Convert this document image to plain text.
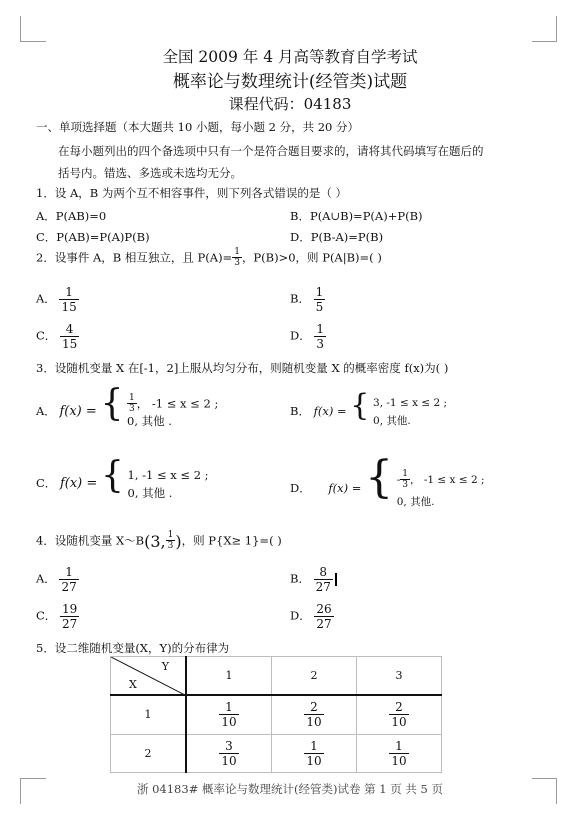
全国 2009 年 4 月高等教育自学考试
概率论与数理统计(经管类)试题
课程代码：04183
一、单项选择题（本大题共 10 小题，每小题 2 分，共 20 分）
在每小题列出的四个备选项中只有一个是符合题目要求的，请将其代码填写在题后的
括号内。错选、多选或未选均无分。
1．设 A，B 为两个互不相容事件，则下列各式错误的是（ ）
A．P(AB)=0	B．P(A∪B)=P(A)+P(B)
C．P(AB)=P(A)P(B)	D．P(B-A)=P(B)
2．设事件 A，B 相互独立，且 $P(A)= \frac{1}{3}$ ，P(B)>0，则 P(A|B)=( )
A． $\frac{1}{15}$	B． $\frac{1}{5}$
C． $\frac{4}{15}$	D． $\frac{1}{3}$
3．设随机变量 X 在[-1，2]上服从均匀分布，则随机变量 X 的概率密度 f(x)为( )
A． f(x) = { $\frac{1}{3}$ ， -1 ≤ x ≤ 2 ;
0, 其他 .
B． f(x) = { 3, -1 ≤ x ≤ 2 ;
0, 其他.
C． f(x) = { 1, -1 ≤ x ≤ 2 ;
0, 其他 .	D． f(x) = { - $\frac{1}{3}$ ， -1 ≤ x ≤ 2 ;
0, 其他.
4．设随机变量 X～B(3, $\frac{1}{3}$ )，则 P{X≥ 1}=( )
A． $\frac{1}{27}$	B． $\frac{8}{27}$
C． $\frac{19}{27}$	D． $\frac{26}{27}$
5．设二维随机变量(X，Y)的分布律为
Y
X	1	2	3
1	$\frac{1}{10}$	$\frac{2}{10}$	$\frac{2}{10}$

2	$\frac{3}{10}$	$\frac{1}{10}$	$\frac{1}{10}$
浙 04183# 概率论与数理统计(经管类)试卷 第 1 页 共 5 页
